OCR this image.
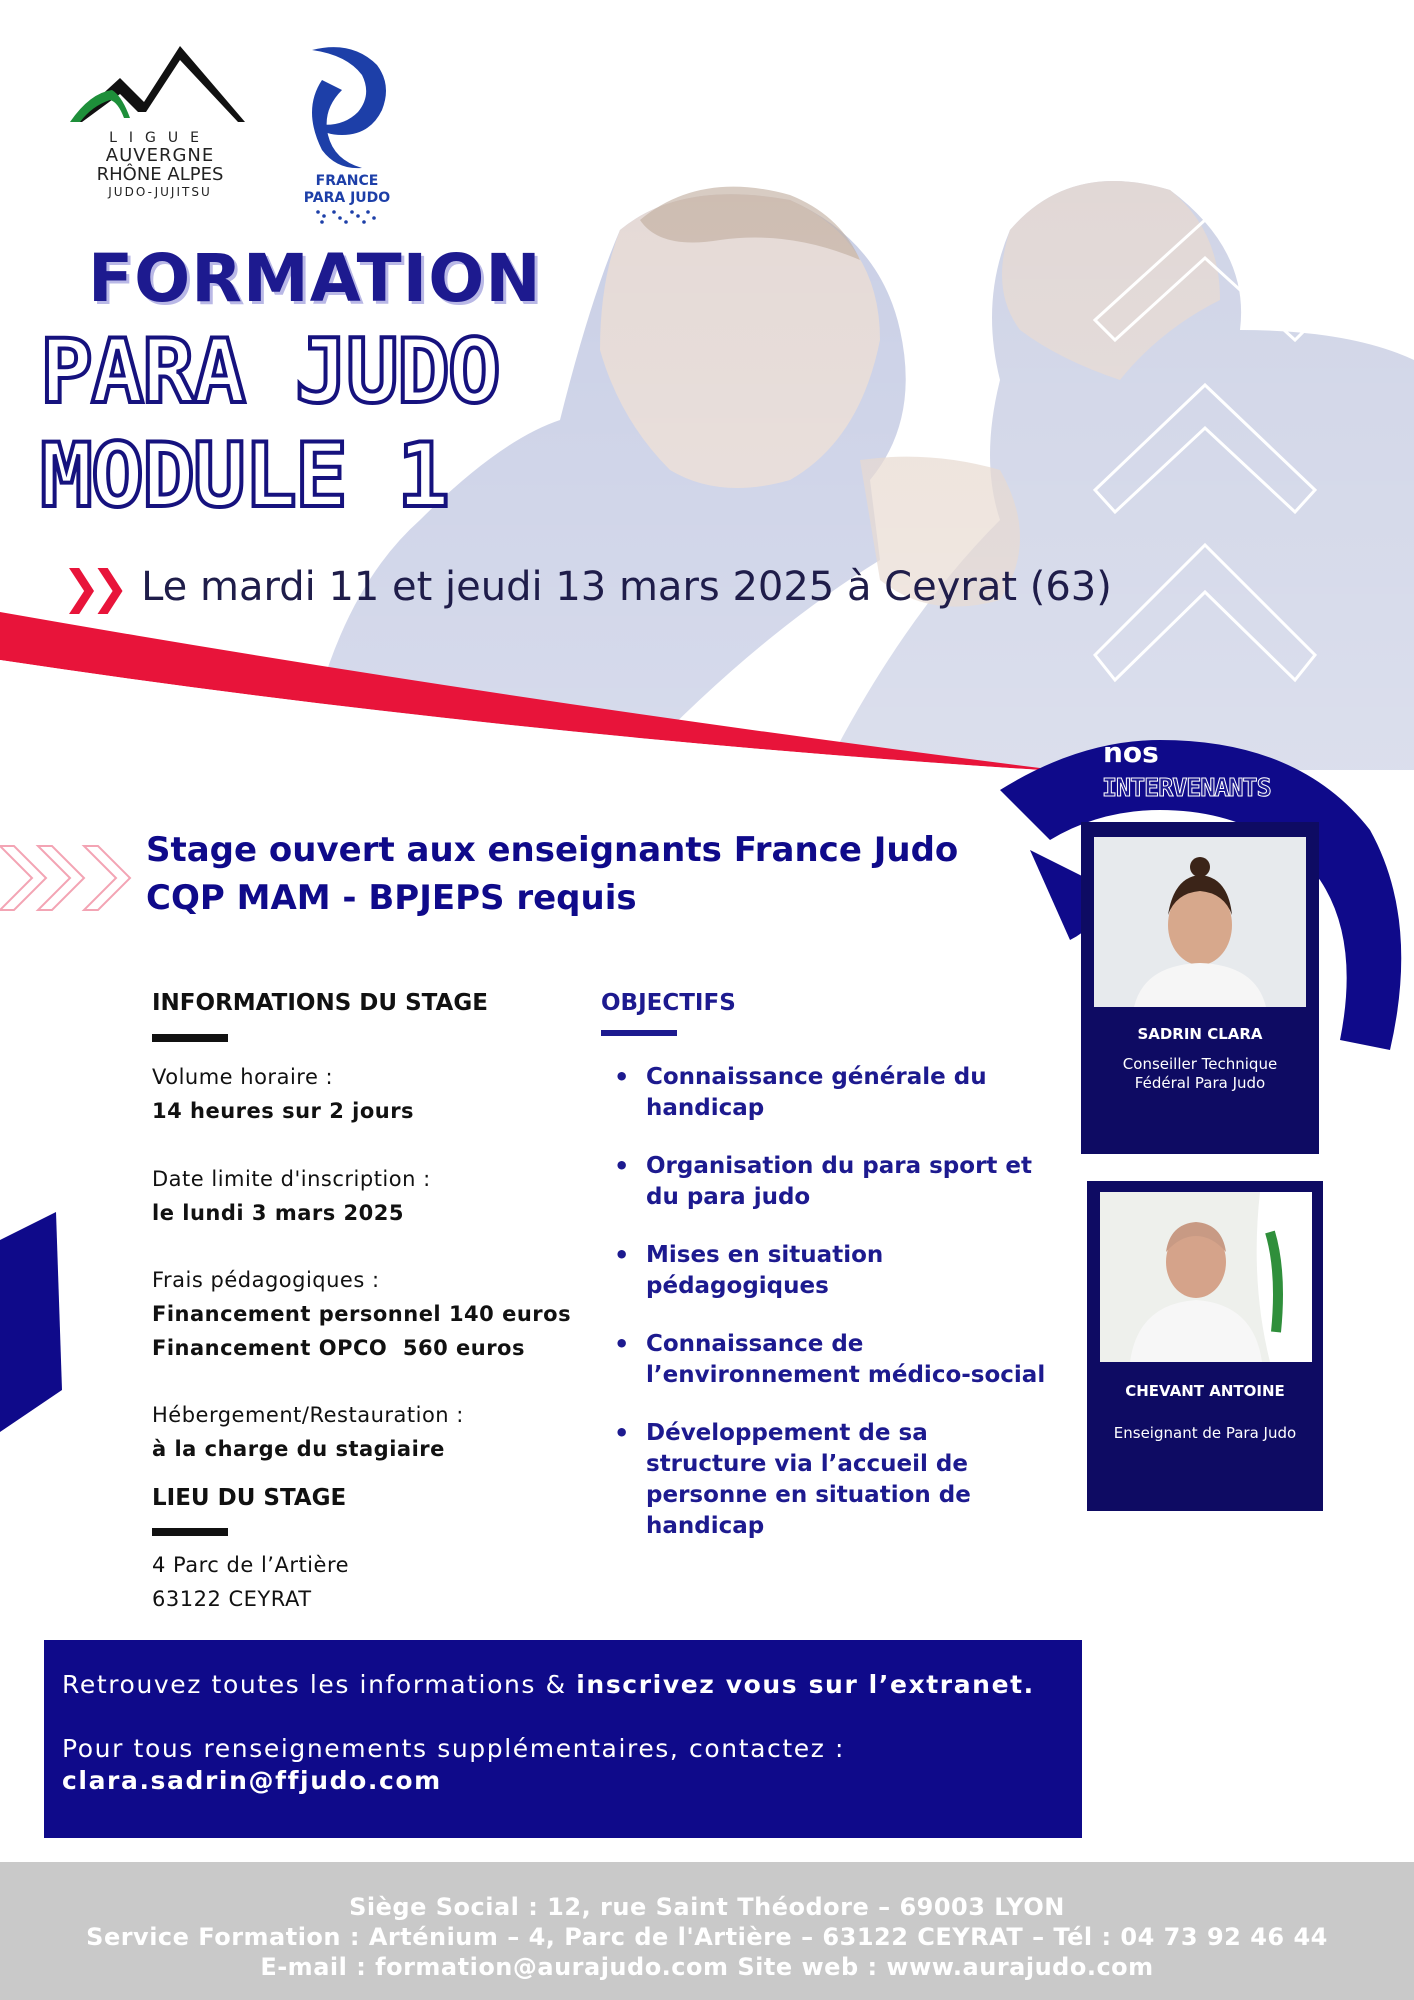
LIGUE
AUVERGNE
RHÔNE ALPES
JUDO-JUJITSU
FRANCE
PARA JUDO
FORMATION
PARA JUDO
MODULE 1
❯❯ Le mardi 11 et jeudi 13 mars 2025 à Ceyrat (63)
nos
INTERVENANTS
SADRIN CLARA
Conseiller Technique Fédéral Para Judo
CHEVANT ANTOINE
Enseignant de Para Judo
Stage ouvert aux enseignants France Judo
CQP MAM - BPJEPS requis
INFORMATIONS DU STAGE
Volume horaire :
14 heures sur 2 jours
Date limite d'inscription :
le lundi 3 mars 2025
Frais pédagogiques :
Financement personnel 140 euros
Financement OPCO  560 euros
Hébergement/Restauration :
à la charge du stagiaire
LIEU DU STAGE
4 Parc de l’Artière
63122 CEYRAT
OBJECTIFS
• Connaissance générale du handicap
• Organisation du para sport et du para judo
• Mises en situation pédagogiques
• Connaissance de l’environnement médico-social
• Développement de sa structure via l’accueil de personne en situation de handicap
Retrouvez toutes les informations & inscrivez vous sur l’extranet.
Pour tous renseignements supplémentaires, contactez :
clara.sadrin@ffjudo.com
Siège Social : 12, rue Saint Théodore – 69003 LYON
Service Formation : Arténium – 4, Parc de l'Artière – 63122 CEYRAT – Tél : 04 73 92 46 44
E-mail : formation@aurajudo.com Site web : www.aurajudo.com
